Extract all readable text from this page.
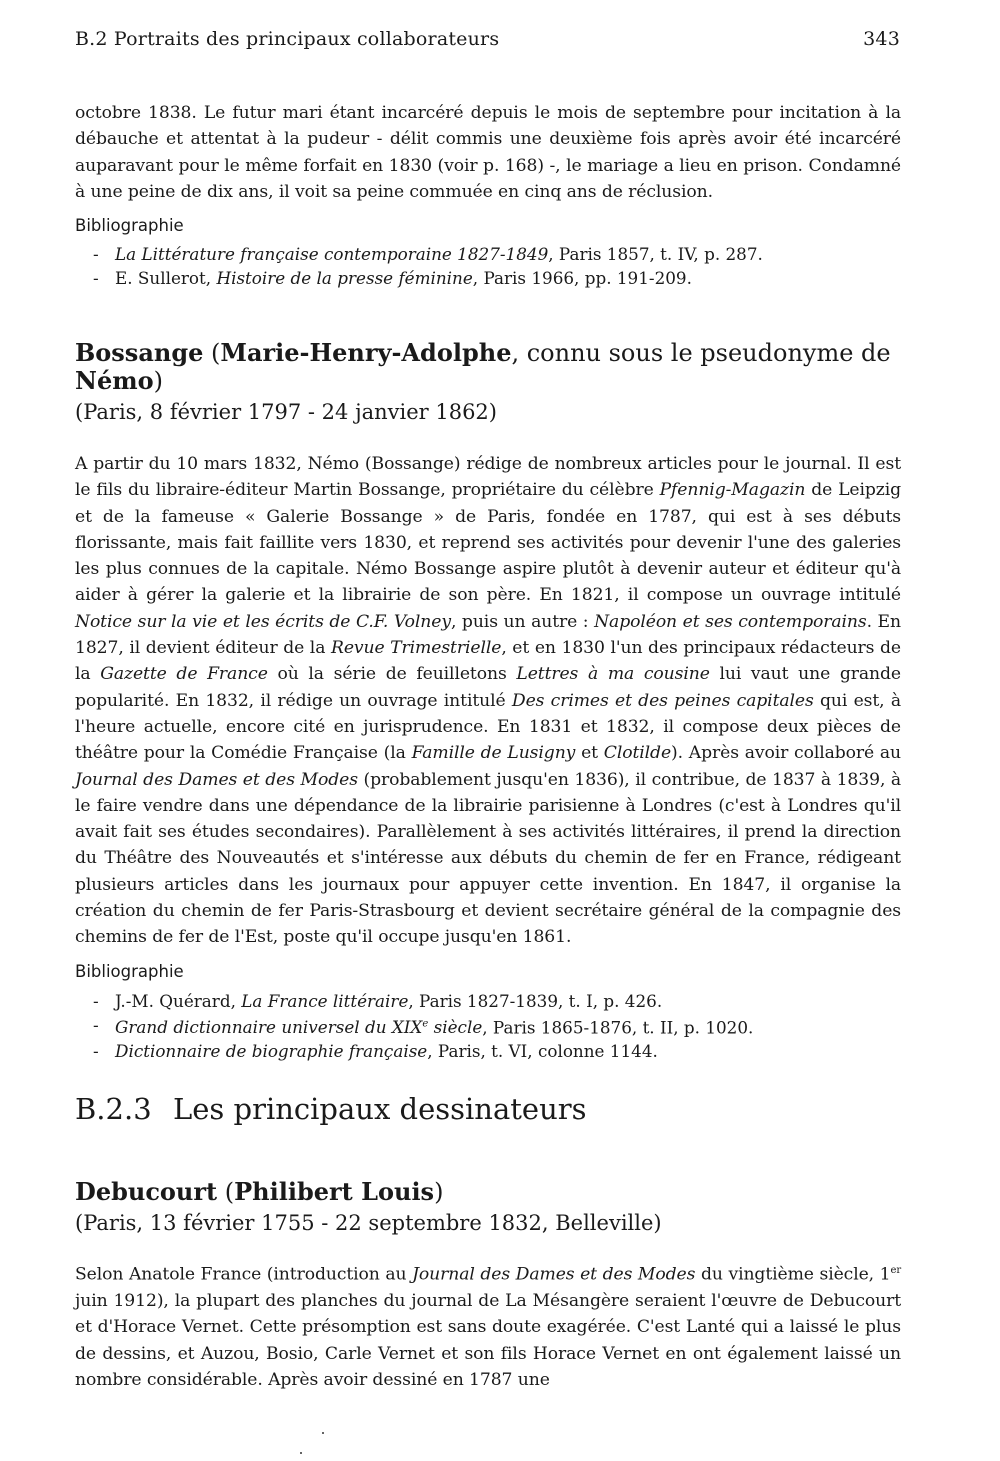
B.2 Portraits des principaux collaborateurs	343

octobre 1838. Le futur mari étant incarcéré depuis le mois de septembre pour incitation à la débauche et attentat à la pudeur - délit commis une deuxième fois après avoir été incarcéré auparavant pour le même forfait en 1830 (voir p. 168) -, le mariage a lieu en prison. Condamné à une peine de dix ans, il voit sa peine commuée en cinq ans de réclusion.

Bibliographie

- La Littérature française contemporaine 1827-1849, Paris 1857, t. IV, p. 287.
- E. Sullerot, Histoire de la presse féminine, Paris 1966, pp. 191-209.
Bossange (Marie-Henry-Adolphe, connu sous le pseudonyme de Némo)
(Paris, 8 février 1797 - 24 janvier 1862)

A partir du 10 mars 1832, Némo (Bossange) rédige de nombreux articles pour le journal. Il est le fils du libraire-éditeur Martin Bossange, propriétaire du célèbre Pfennig-Magazin de Leipzig et de la fameuse « Galerie Bossange » de Paris, fondée en 1787, qui est à ses débuts florissante, mais fait faillite vers 1830, et reprend ses activités pour devenir l'une des galeries les plus connues de la capitale. Némo Bossange aspire plutôt à devenir auteur et éditeur qu'à aider à gérer la galerie et la librairie de son père. En 1821, il compose un ouvrage intitulé Notice sur la vie et les écrits de C.F. Volney, puis un autre : Napoléon et ses contemporains. En 1827, il devient éditeur de la Revue Trimestrielle, et en 1830 l'un des principaux rédacteurs de la Gazette de France où la série de feuilletons Lettres à ma cousine lui vaut une grande popularité. En 1832, il rédige un ouvrage intitulé Des crimes et des peines capitales qui est, à l'heure actuelle, encore cité en jurisprudence. En 1831 et 1832, il compose deux pièces de théâtre pour la Comédie Française (la Famille de Lusigny et Clotilde). Après avoir collaboré au Journal des Dames et des Modes (probablement jusqu'en 1836), il contribue, de 1837 à 1839, à le faire vendre dans une dépendance de la librairie parisienne à Londres (c'est à Londres qu'il avait fait ses études secondaires). Parallèlement à ses activités littéraires, il prend la direction du Théâtre des Nouveautés et s'intéresse aux débuts du chemin de fer en France, rédigeant plusieurs articles dans les journaux pour appuyer cette invention. En 1847, il organise la création du chemin de fer Paris-Strasbourg et devient secrétaire général de la compagnie des chemins de fer de l'Est, poste qu'il occupe jusqu'en 1861.

Bibliographie

- J.-M. Quérard, La France littéraire, Paris 1827-1839, t. I, p. 426.
- Grand dictionnaire universel du XIXe siècle, Paris 1865-1876, t. II, p. 1020.
- Dictionnaire de biographie française, Paris, t. VI, colonne 1144.
B.2.3 Les principaux dessinateurs
Debucourt (Philibert Louis)
(Paris, 13 février 1755 - 22 septembre 1832, Belleville)

Selon Anatole France (introduction au Journal des Dames et des Modes du vingtième siècle, 1er juin 1912), la plupart des planches du journal de La Mésangère seraient l'œuvre de Debucourt et d'Horace Vernet. Cette présomption est sans doute exagérée. C'est Lanté qui a laissé le plus de dessins, et Auzou, Bosio, Carle Vernet et son fils Horace Vernet en ont également laissé un nombre considérable. Après avoir dessiné en 1787 une
